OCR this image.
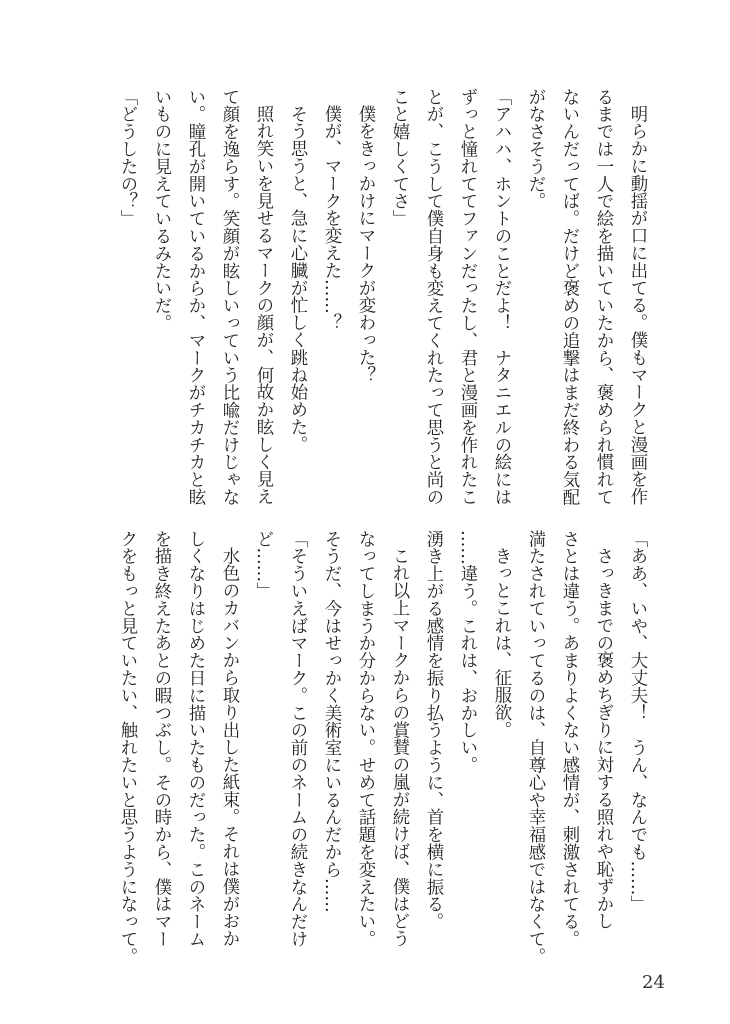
明らかに動揺が口に出てる。僕もマークと漫画を作
るまでは一人で絵を描いていたから、褒められ慣れて
ないんだってば。だけど褒めの追撃はまだ終わる気配
がなさそうだ。
「アハハ、ホントのことだよ！　ナタニエルの絵には
ずっと憧れててファンだったし、君と漫画を作れたこ
とが、こうして僕自身も変えてくれたって思うと尚の
こと嬉しくてさ」
僕をきっかけにマークが変わった？
僕が、マークを変えた……？
そう思うと、急に心臓が忙しく跳ね始めた。
照れ笑いを見せるマークの顔が、何故か眩しく見え
て顔を逸らす。笑顔が眩しいっていう比喩だけじゃな
い。瞳孔が開いているからか、マークがチカチカと眩
いものに見えているみたいだ。
「どうしたの？」
「ああ、いや、大丈夫！　うん、なんでも……」
さっきまでの褒めちぎりに対する照れや恥ずかし
さとは違う。あまりよくない感情が、刺激されてる。
満たされていってるのは、自尊心や幸福感ではなくて。
きっとこれは、征服欲。
……違う。これは、おかしい。
湧き上がる感情を振り払うように、首を横に振る。
これ以上マークからの賞賛の嵐が続けば、僕はどう
なってしまうか分からない。せめて話題を変えたい。
そうだ、今はせっかく美術室にいるんだから……
「そういえばマーク。この前のネームの続きなんだけ
ど……」
水色のカバンから取り出した紙束。それは僕がおか
しくなりはじめた日に描いたものだった。このネーム
を描き終えたあとの暇つぶし。その時から、僕はマー
クをもっと見ていたい、触れたいと思うようになって。
24
